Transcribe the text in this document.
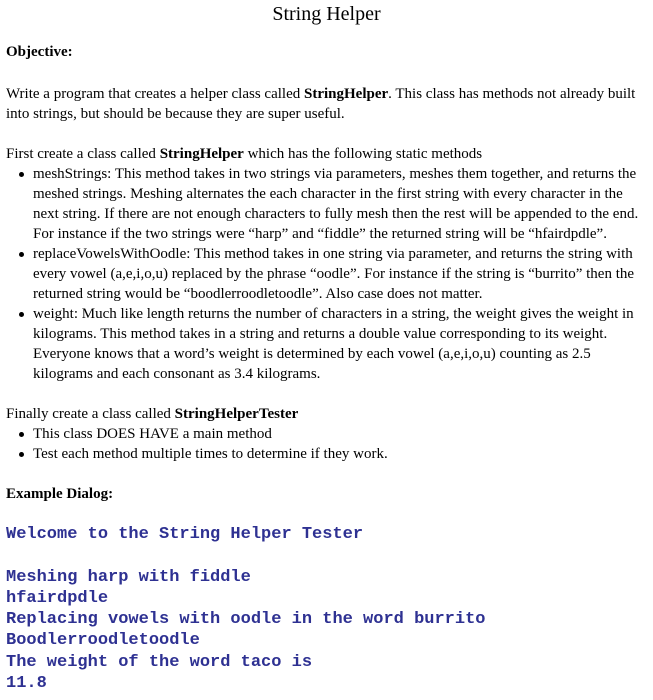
String Helper
Objective:
Write a program that creates a helper class called StringHelper. This class has methods not already built into strings, but should be because they are super useful.
First create a class called StringHelper which has the following static methods
meshStrings: This method takes in two strings via parameters, meshes them together, and returns the meshed strings. Meshing alternates the each character in the first string with every character in the next string. If there are not enough characters to fully mesh then the rest will be appended to the end. For instance if the two strings were “harp” and “fiddle” the returned string will be “hfairdpdle”.
replaceVowelsWithOodle: This method takes in one string via parameter, and returns the string with every vowel (a,e,i,o,u) replaced by the phrase “oodle”. For instance if the string is “burrito” then the returned string would be “boodlerroodletoodle”. Also case does not matter.
weight: Much like length returns the number of characters in a string, the weight gives the weight in kilograms. This method takes in a string and returns a double value corresponding to its weight. Everyone knows that a word’s weight is determined by each vowel (a,e,i,o,u) counting as 2.5 kilograms and each consonant as 3.4 kilograms.
Finally create a class called StringHelperTester
This class DOES HAVE a main method
Test each method multiple times to determine if they work.
Example Dialog:
Welcome to the String Helper Tester
Meshing harp with fiddle
hfairdpdle
Replacing vowels with oodle in the word burrito
Boodlerroodletoodle
The weight of the word taco is
11.8
